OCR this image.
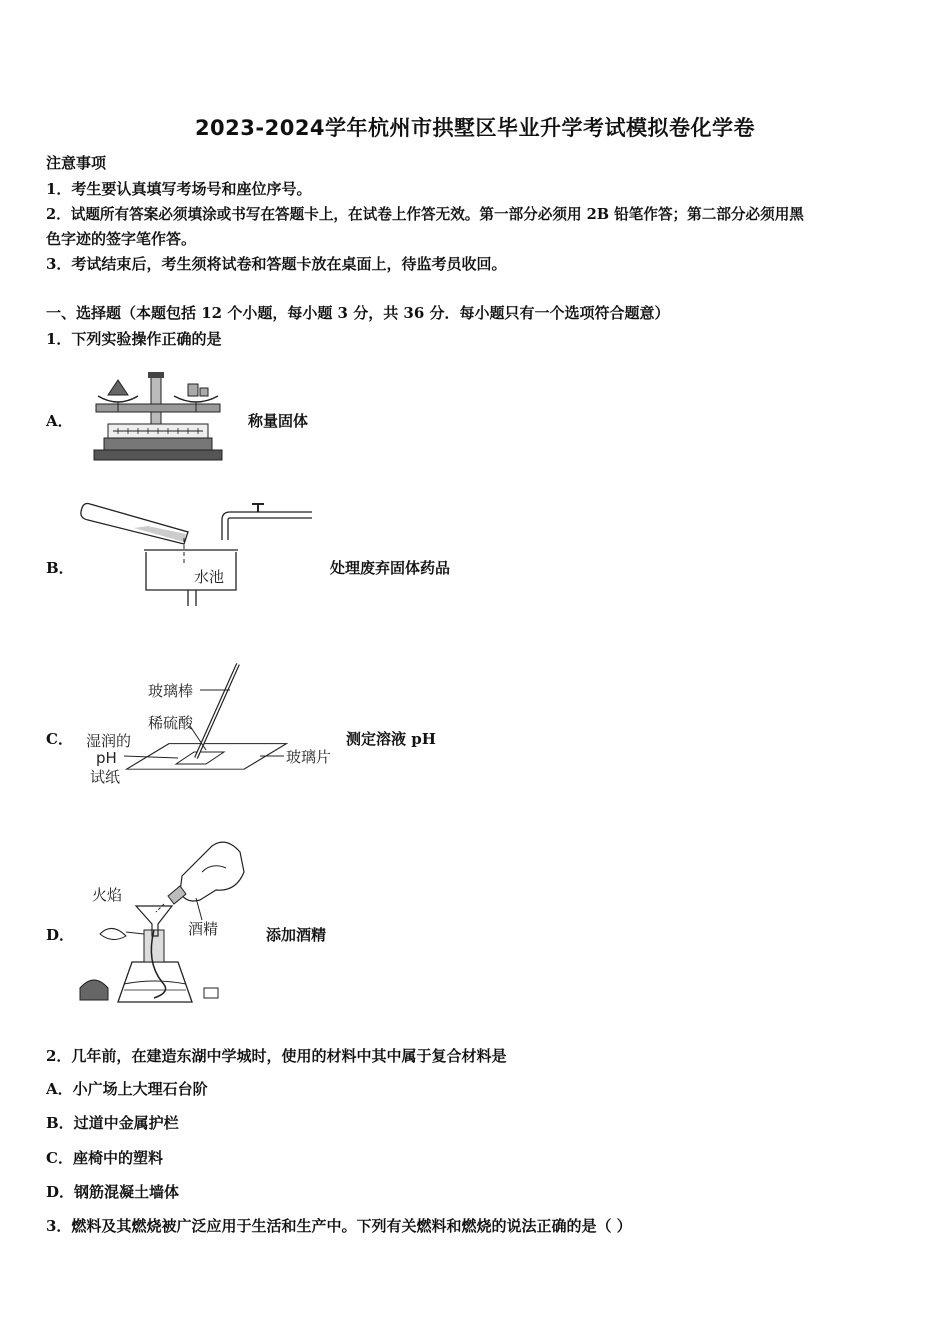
2023-2024学年杭州市拱墅区毕业升学考试模拟卷化学卷
注意事项
1．考生要认真填写考场号和座位序号。
2．试题所有答案必须填涂或书写在答题卡上，在试卷上作答无效。第一部分必须用 2B 铅笔作答；第二部分必须用黑
色字迹的签字笔作答。
3．考试结束后，考生须将试卷和答题卡放在桌面上，待监考员收回。
一、选择题（本题包括 12 个小题，每小题 3 分，共 36 分．每小题只有一个选项符合题意）
1．下列实验操作正确的是
A．	称量固体
B．	水池	处理废弃固体药品
C．
玻璃棒
稀硫酸
湿润的
pH
试纸
玻璃片
测定溶液 pH
D．
火焰
酒精	添加酒精
2．几年前，在建造东湖中学城时，使用的材料中其中属于复合材料是
A．小广场上大理石台阶
B．过道中金属护栏
C．座椅中的塑料
D．钢筋混凝土墙体
3．燃料及其燃烧被广泛应用于生活和生产中。下列有关燃料和燃烧的说法正确的是（ ）
